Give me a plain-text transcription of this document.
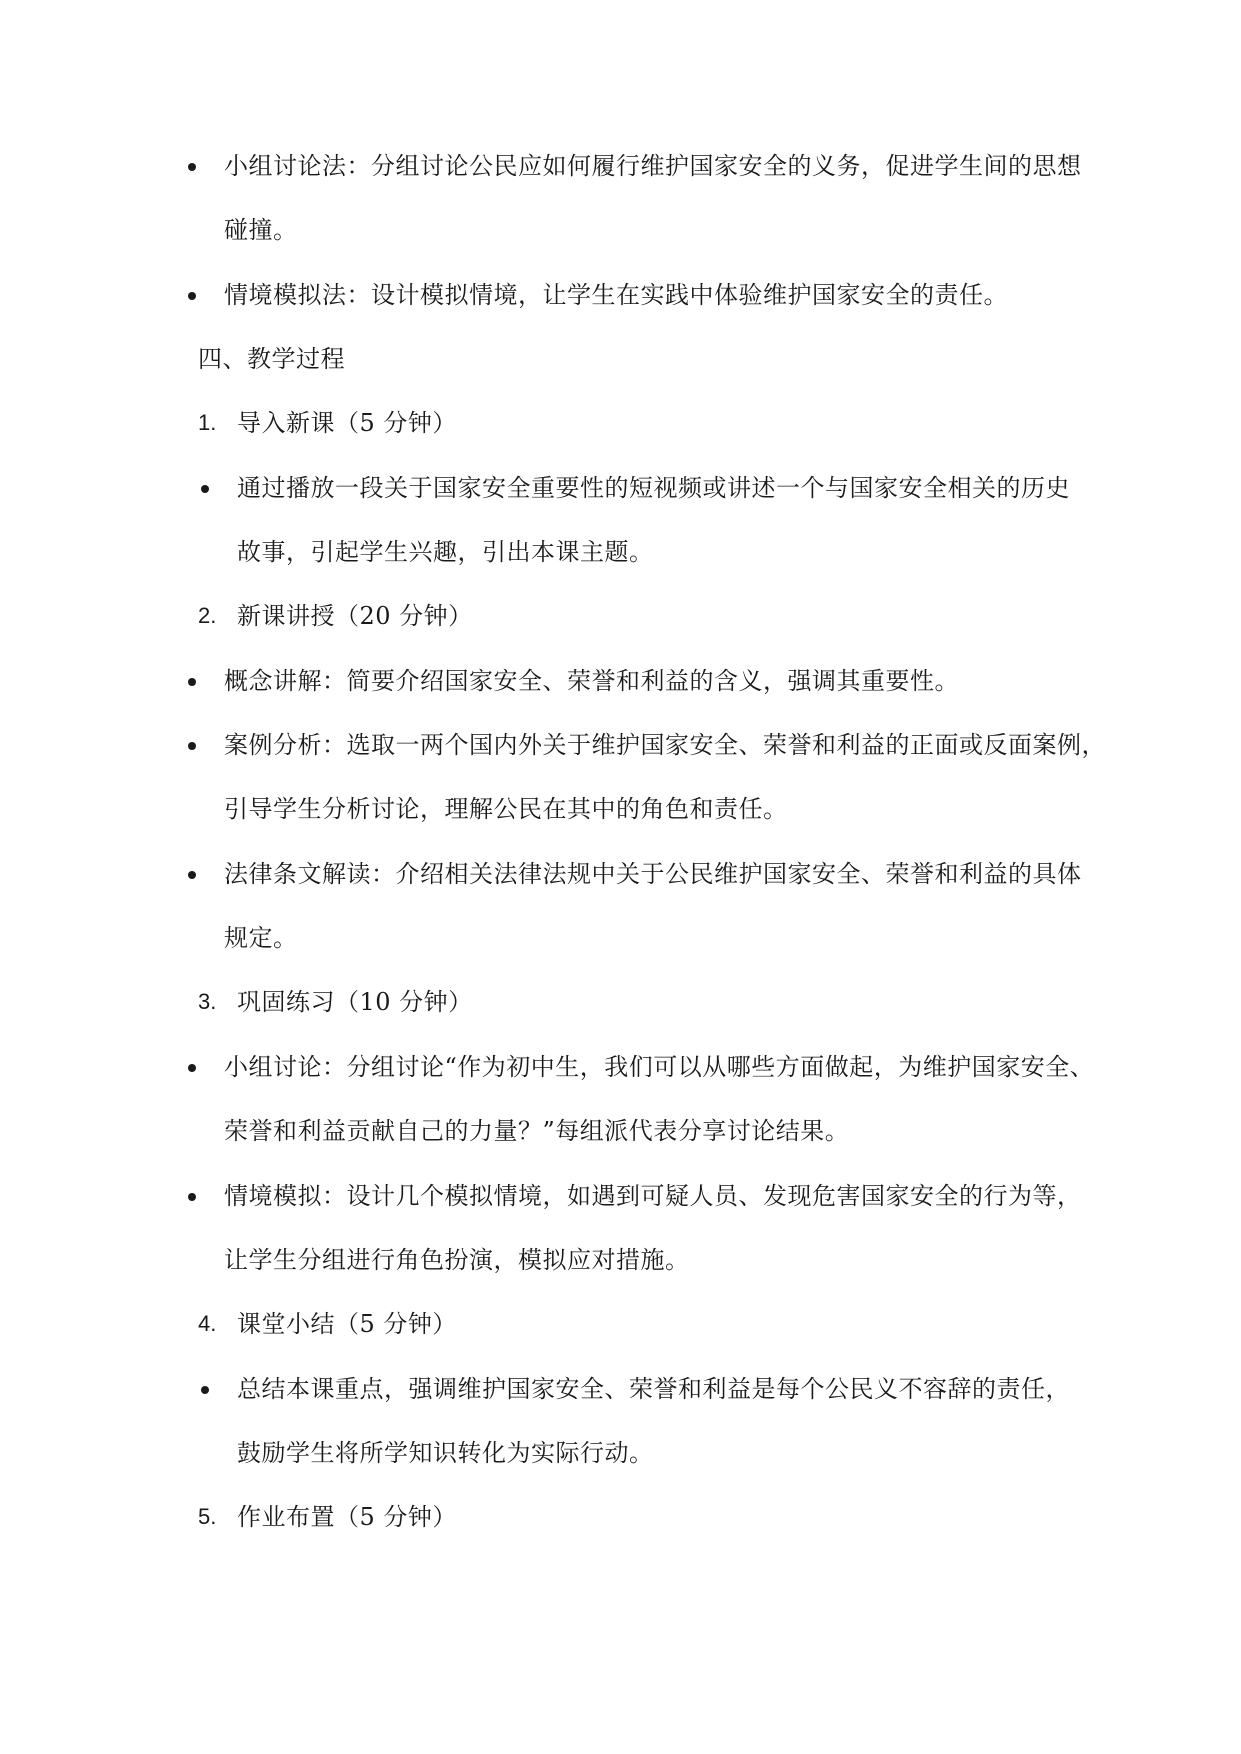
小组讨论法：分组讨论公民应如何履行维护国家安全的义务，促进学生间的思想
碰撞。
情境模拟法：设计模拟情境，让学生在实践中体验维护国家安全的责任。
四、教学过程
1. 导入新课（5 分钟）
通过播放一段关于国家安全重要性的短视频或讲述一个与国家安全相关的历史
故事，引起学生兴趣，引出本课主题。
2. 新课讲授（20 分钟）
概念讲解：简要介绍国家安全、荣誉和利益的含义，强调其重要性。
案例分析：选取一两个国内外关于维护国家安全、荣誉和利益的正面或反面案例，
引导学生分析讨论，理解公民在其中的角色和责任。
法律条文解读：介绍相关法律法规中关于公民维护国家安全、荣誉和利益的具体
规定。
3. 巩固练习（10 分钟）
小组讨论：分组讨论“作为初中生，我们可以从哪些方面做起，为维护国家安全、
荣誉和利益贡献自己的力量？”每组派代表分享讨论结果。
情境模拟：设计几个模拟情境，如遇到可疑人员、发现危害国家安全的行为等，
让学生分组进行角色扮演，模拟应对措施。
4. 课堂小结（5 分钟）
总结本课重点，强调维护国家安全、荣誉和利益是每个公民义不容辞的责任，
鼓励学生将所学知识转化为实际行动。
5. 作业布置（5 分钟）
